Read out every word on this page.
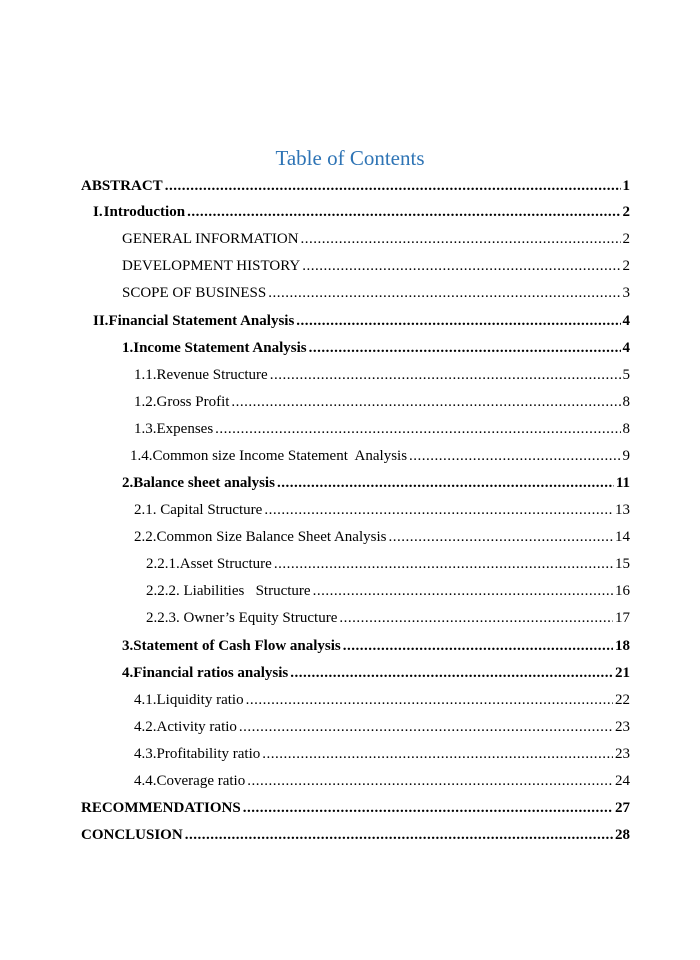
Table of Contents
ABSTRACT .....	1
I. Introduction .....	2
GENERAL INFORMATION .....	2
DEVELOPMENT HISTORY .....	2
SCOPE OF BUSINESS .....	3
II. Financial Statement Analysis .....	4
1. Income Statement Analysis .....	4
1.1.Revenue Structure .....	5
1.2.Gross Profit .....	8
1.3.Expenses .....	8
1.4.Common size Income Statement  Analysis .....	9
2. Balance sheet analysis .....	11
2.1. Capital Structure .....	13
2.2.Common Size Balance Sheet Analysis .....	14
2.2.1.Asset Structure .....	15
2.2.2. Liabilities   Structure .....	16
2.2.3. Owner’s Equity Structure .....	17
3. Statement of Cash Flow analysis .....	18
4. Financial ratios analysis .....	21
4.1.Liquidity ratio .....	22
4.2.Activity ratio .....	23
4.3.Profitability ratio .....	23
4.4.Coverage ratio .....	24
RECOMMENDATIONS .....	27
CONCLUSION .....	28
